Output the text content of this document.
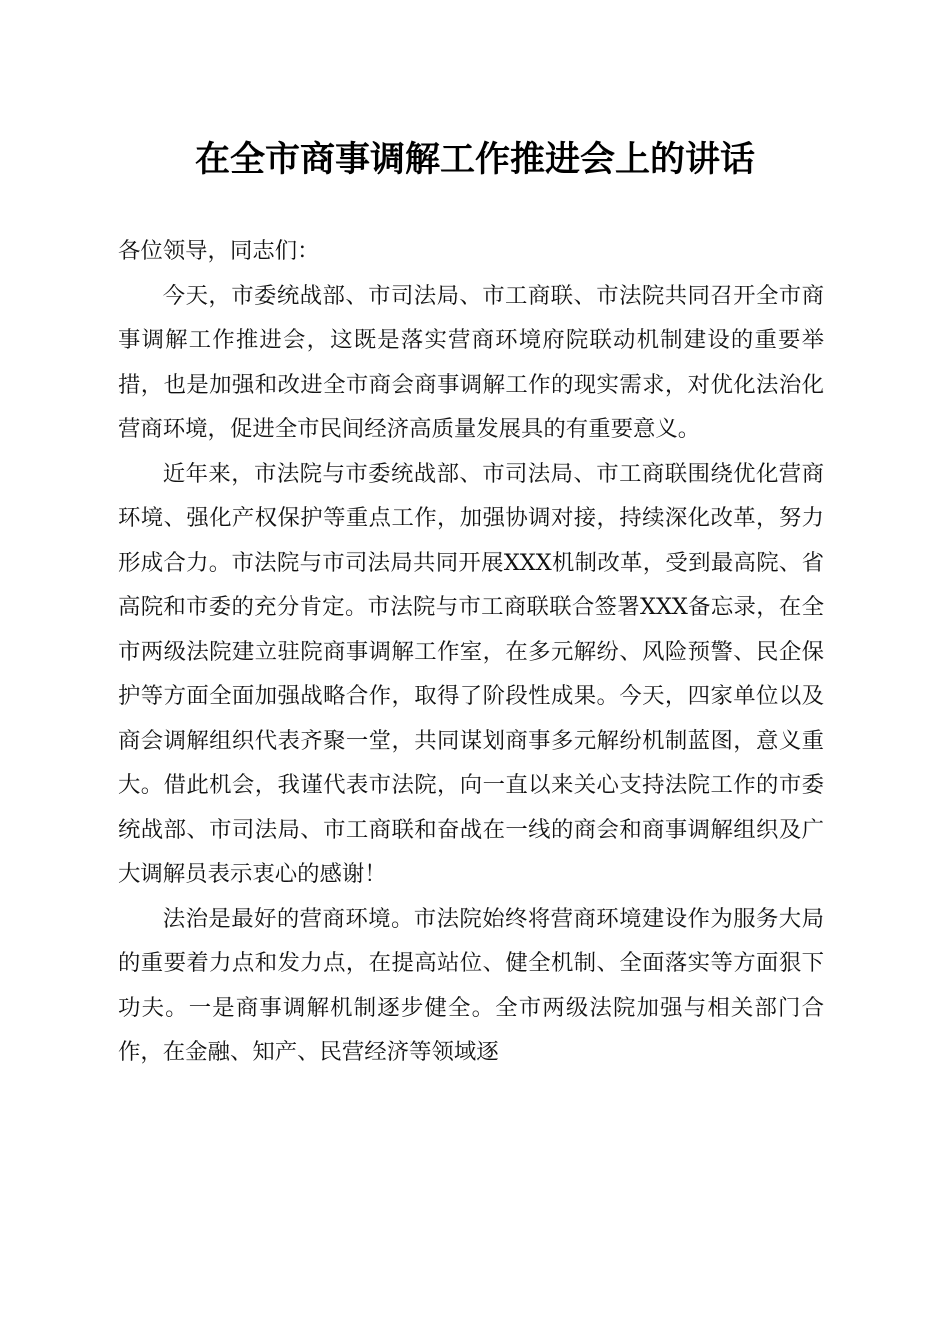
在全市商事调解工作推进会上的讲话

各位领导，同志们：

今天，市委统战部、市司法局、市工商联、市法院共同召开全市商事调解工作推进会，这既是落实营商环境府院联动机制建设的重要举措，也是加强和改进全市商会商事调解工作的现实需求，对优化法治化营商环境，促进全市民间经济高质量发展具的有重要意义。

近年来，市法院与市委统战部、市司法局、市工商联围绕优化营商环境、强化产权保护等重点工作，加强协调对接，持续深化改革，努力形成合力。市法院与市司法局共同开展XXX机制改革，受到最高院、省高院和市委的充分肯定。市法院与市工商联联合签署XXX备忘录，在全市两级法院建立驻院商事调解工作室，在多元解纷、风险预警、民企保护等方面全面加强战略合作，取得了阶段性成果。今天，四家单位以及商会调解组织代表齐聚一堂，共同谋划商事多元解纷机制蓝图，意义重大。借此机会，我谨代表市法院，向一直以来关心支持法院工作的市委统战部、市司法局、市工商联和奋战在一线的商会和商事调解组织及广大调解员表示衷心的感谢！

法治是最好的营商环境。市法院始终将营商环境建设作为服务大局的重要着力点和发力点，在提高站位、健全机制、全面落实等方面狠下功夫。一是商事调解机制逐步健全。全市两级法院加强与相关部门合作，在金融、知产、民营经济等领域逐
